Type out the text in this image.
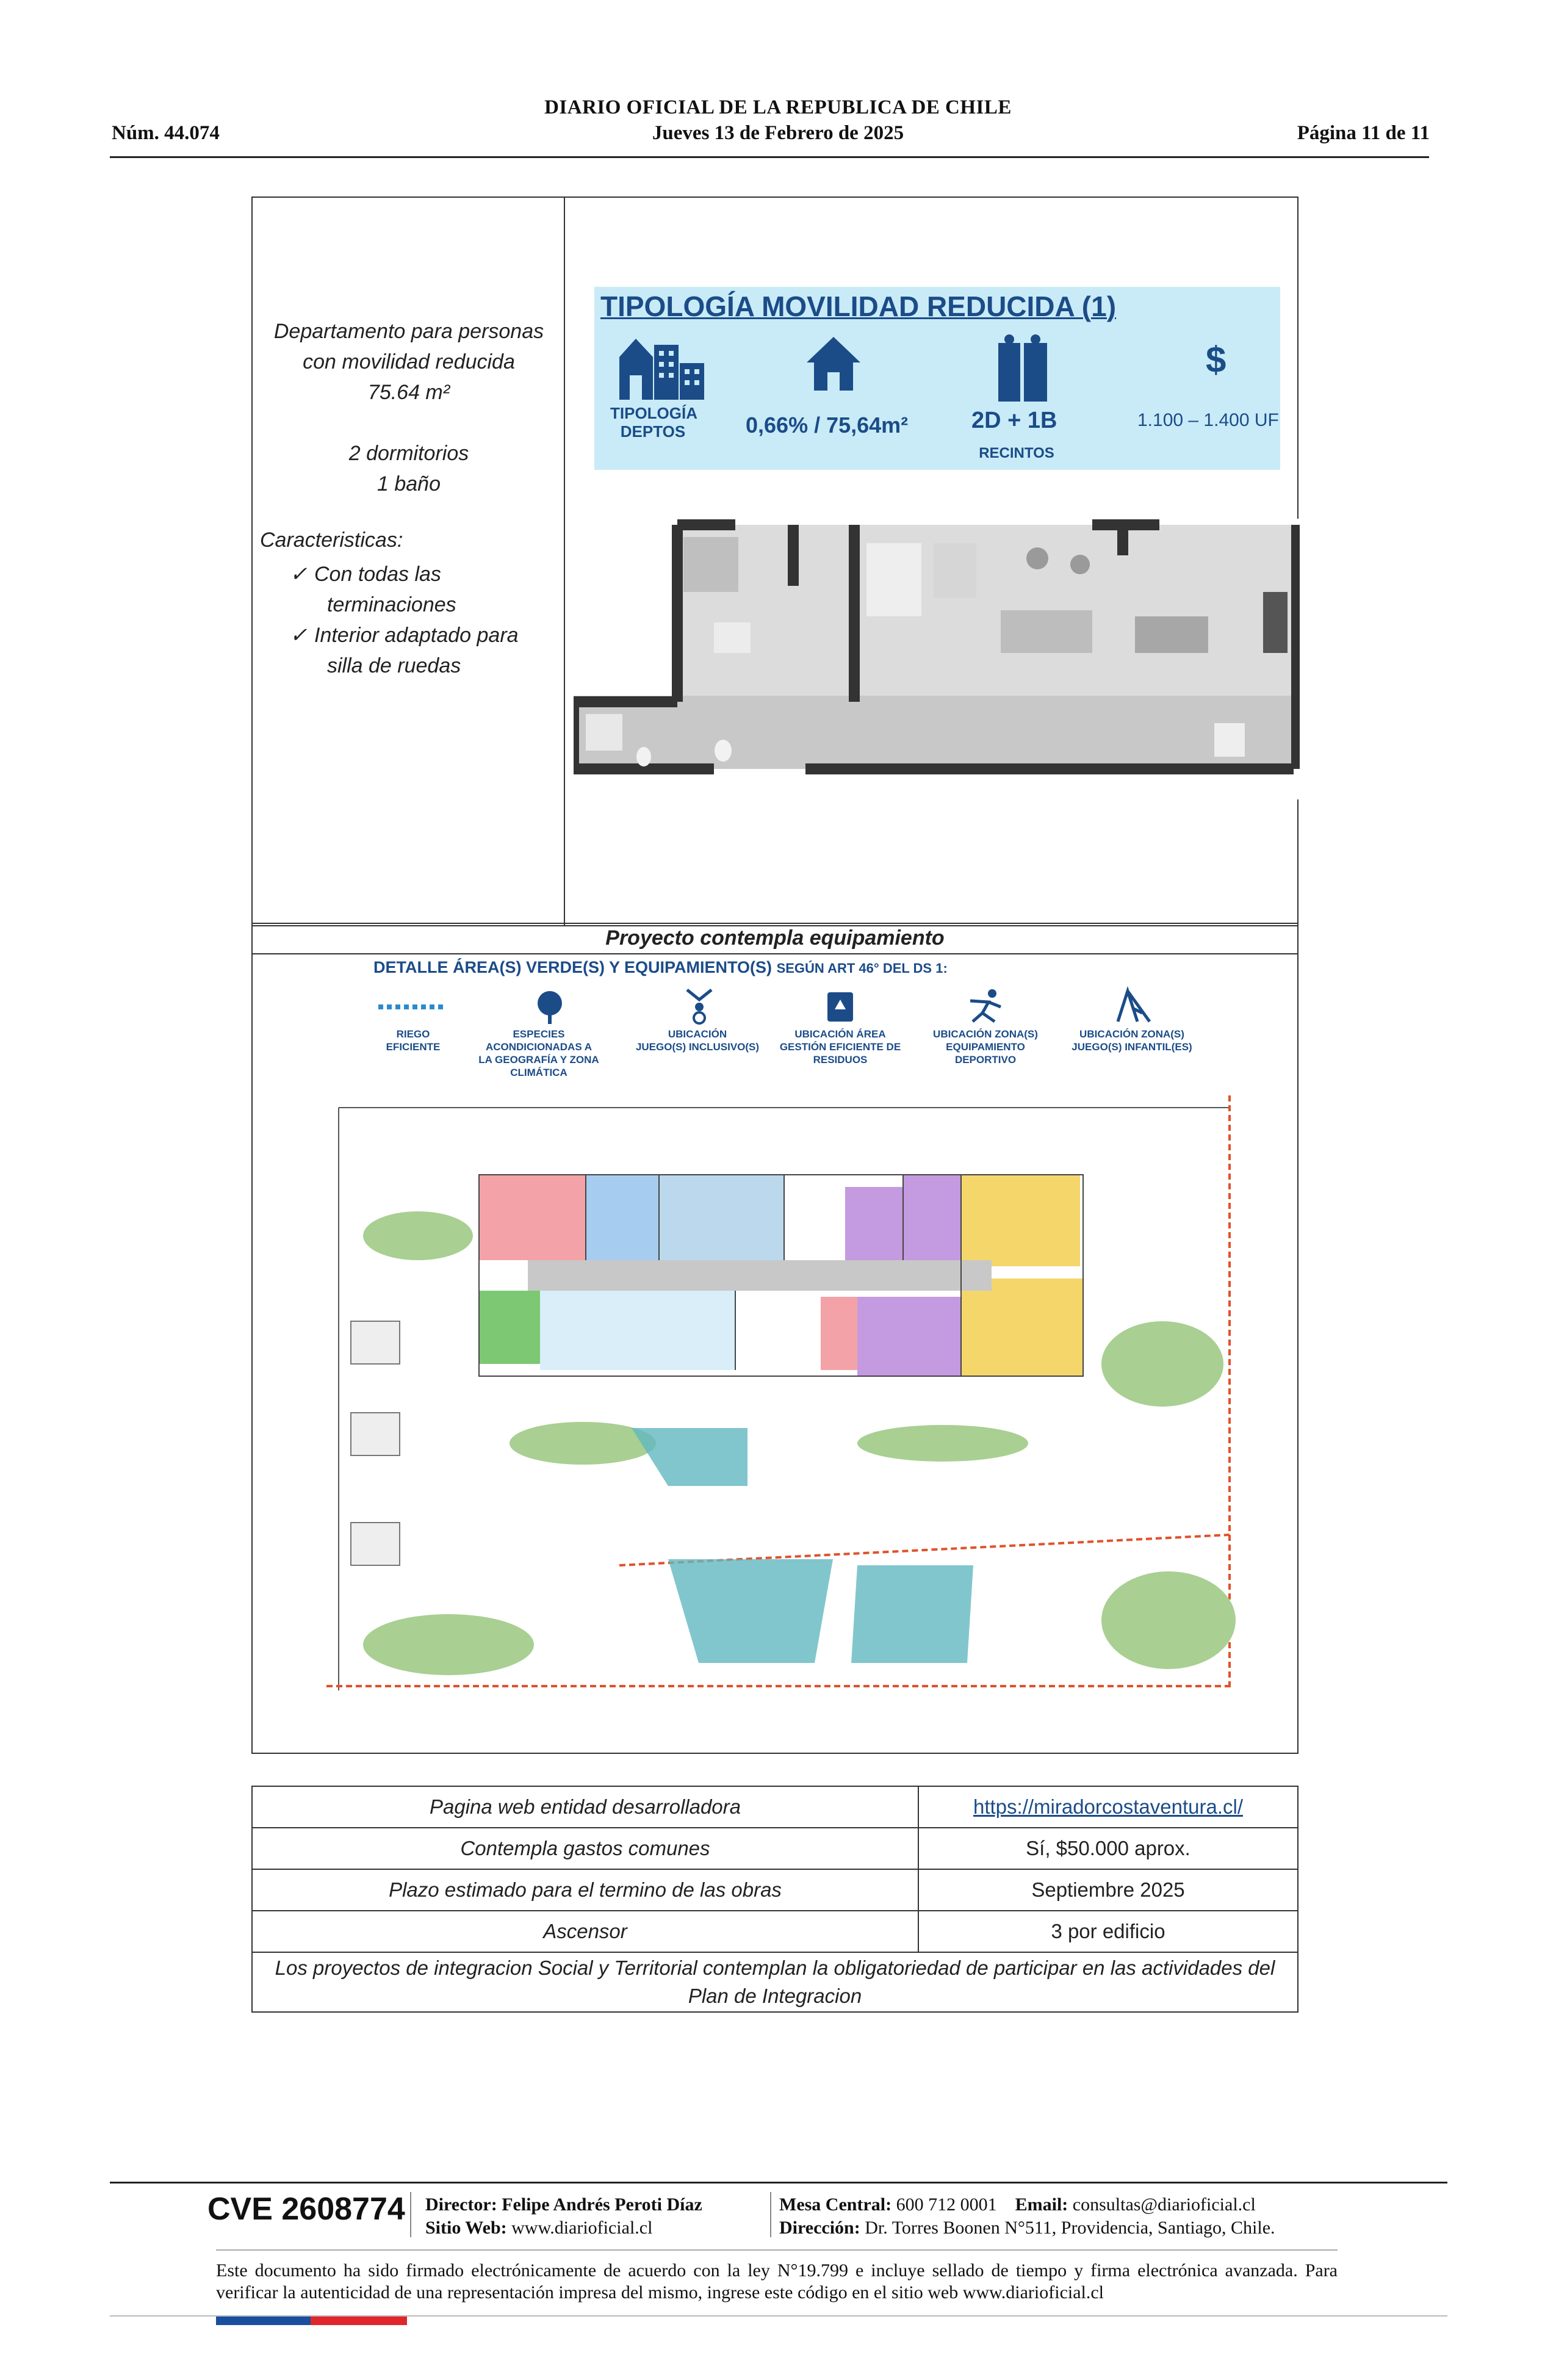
DIARIO OFICIAL DE LA REPUBLICA DE CHILE
Núm. 44.074	Jueves 13 de Febrero de 2025	Página 11 de 11
Departamento para personas
con movilidad reducida
75.64 m²
2 dormitorios
1 baño
Caracteristicas:
✓ Con todas las
terminaciones
✓ Interior adaptado para
silla de ruedas
TIPOLOGÍA MOVILIDAD REDUCIDA (1)
TIPOLOGÍA
DEPTOS	0,66% / 75,64m²	2D + 1B
RECINTOS
$
1.100 – 1.400 UF
Proyecto contempla equipamiento
DETALLE ÁREA(S) VERDE(S) Y EQUIPAMIENTO(S) SEGÚN ART 46° DEL DS 1:
RIEGO
EFICIENTE
ESPECIES ACONDICIONADAS A
LA GEOGRAFÍA Y ZONA
CLIMÁTICA
UBICACIÓN
JUEGO(S) INCLUSIVO(S)
UBICACIÓN ÁREA
GESTIÓN EFICIENTE DE
RESIDUOS
UBICACIÓN ZONA(S)
EQUIPAMIENTO DEPORTIVO
UBICACIÓN ZONA(S)
JUEGO(S) INFANTIL(ES)
Pagina web entidad desarrolladora	https://miradorcostaventura.cl/
Contempla gastos comunes	Sí, $50.000 aprox.
Plazo estimado para el termino de las obras	Septiembre 2025
Ascensor	3 por edificio

Los proyectos de integracion Social y Territorial contemplan la obligatoriedad de participar en las actividades del
Plan de Integracion	
CVE 2608774 Director: Felipe Andrés Peroti Díaz
Sitio Web: www.diarioficial.cl
Mesa Central: 600 712 0001 Email: consultas@diarioficial.cl
Dirección: Dr. Torres Boonen N°511, Providencia, Santiago, Chile.
Este documento ha sido firmado electrónicamente de acuerdo con la ley N°19.799 e incluye sellado de tiempo y firma electrónica avanzada. Para verificar la autenticidad de una representación impresa del mismo, ingrese este código en el sitio web www.diarioficial.cl
